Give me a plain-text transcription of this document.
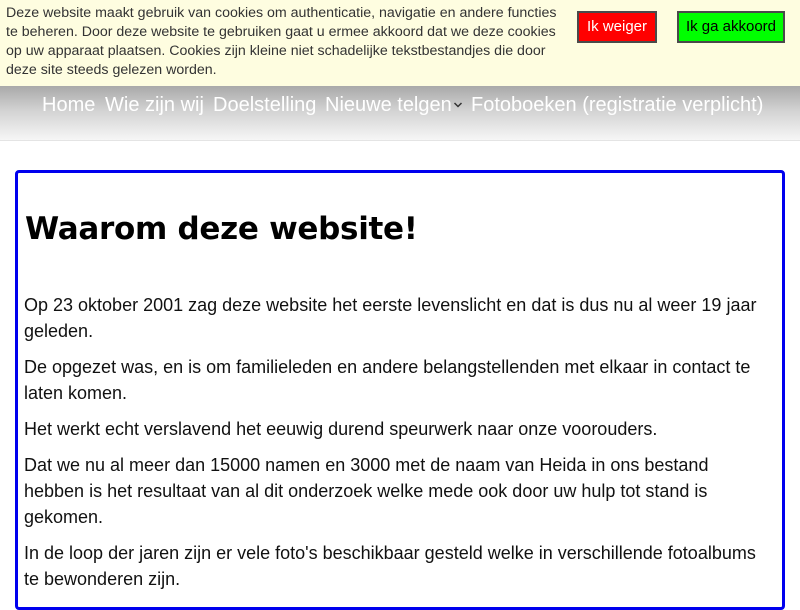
Deze website maakt gebruik van cookies om authenticatie, navigatie en andere functies te beheren. Door deze website te gebruiken gaat u ermee akkoord dat we deze cookies op uw apparaat plaatsen. Cookies zijn kleine niet schadelijke tekstbestandjes die door deze site steeds gelezen worden.

Ik weiger	Ik ga akkoord
Home Wie zijn wij Doelstelling Nieuwe telgen Fotoboeken (registratie verplicht)
Waarom deze website!

Op 23 oktober 2001 zag deze website het eerste levenslicht en dat is dus nu al weer 19 jaar geleden.

De opgezet was, en is om familieleden en andere belangstellenden met elkaar in contact te laten komen.

Het werkt echt verslavend het eeuwig durend speurwerk naar onze voorouders.

Dat we nu al meer dan 15000 namen en 3000 met de naam van Heida in ons bestand hebben is het resultaat van al dit onderzoek welke mede ook door uw hulp tot stand is gekomen.

In de loop der jaren zijn er vele foto's beschikbaar gesteld welke in verschillende fotoalbums te bewonderen zijn.
